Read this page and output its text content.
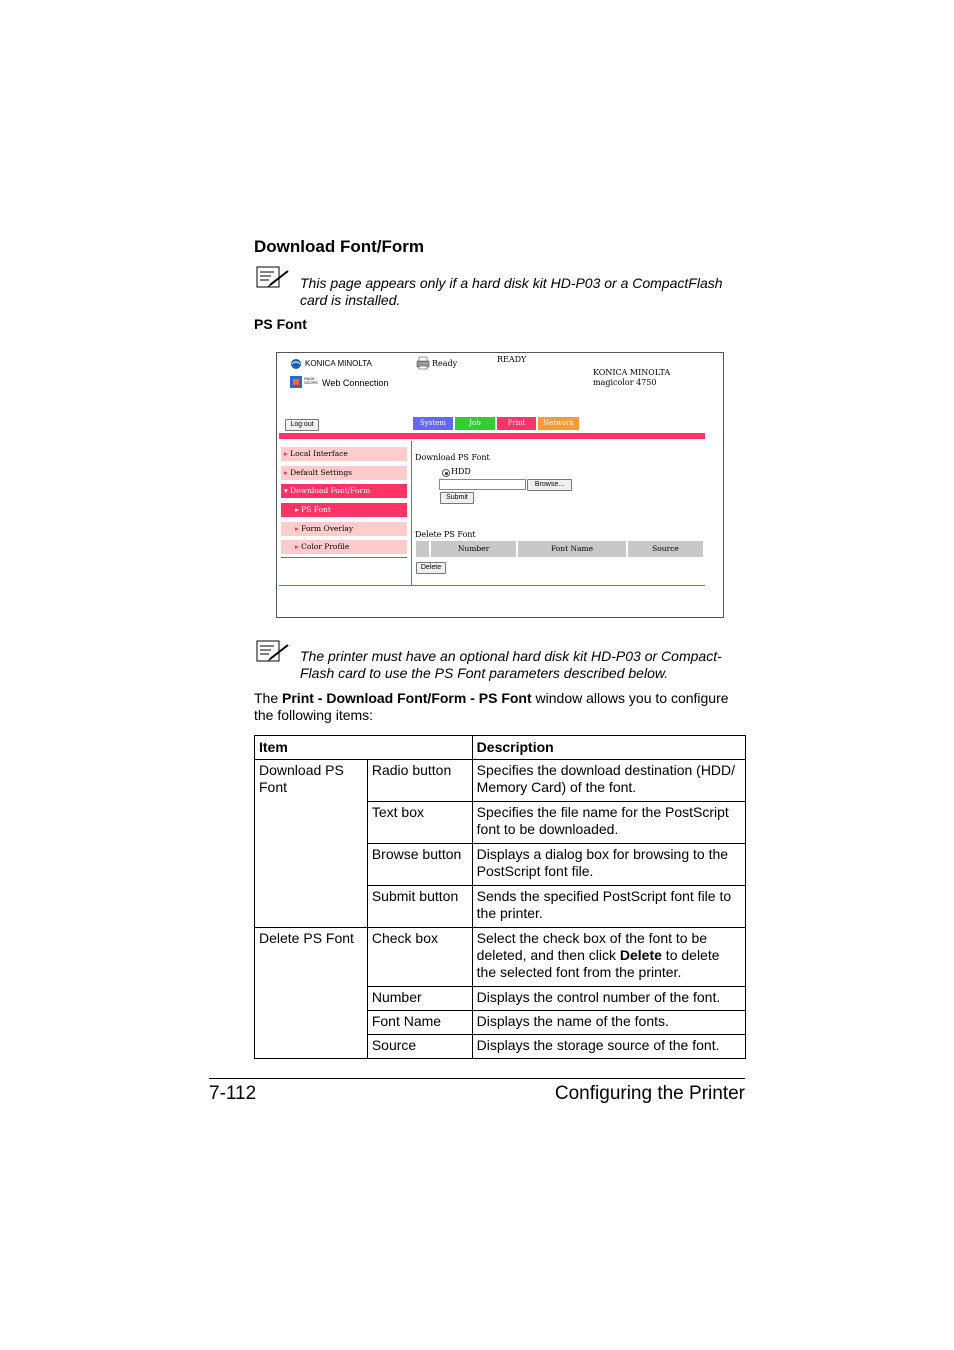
Download Font/Form
This page appears only if a hard disk kit HD-P03 or a CompactFlash card is installed.
PS Font
KONICA MINOLTA
PAGE SCOPE Web Connection
Ready	READY
KONICA MINOLTA
magicolor 4750
Log out	System	Job	Print	Network
▸ Local Interface
▸ Default Settings
▾ Download Font/Form
▸ PS Font
▸ Form Overlay
▸ Color Profile
Download PS Font
HDD
Browse...
Submit
Delete PS Font
Number	Font Name	Source
Delete
The printer must have an optional hard disk kit HD-P03 or Compact-Flash card to use the PS Font parameters described below.
The Print - Download Font/Form - PS Font window allows you to configure the following items:
Item		Description
Download PS Font	Radio button	Specifies the download destination (HDD/ Memory Card) of the font.
	Text box	Specifies the file name for the PostScript font to be downloaded.
	Browse button	Displays a dialog box for browsing to the PostScript font file.
	Submit button	Sends the specified PostScript font file to the printer.
Delete PS Font	Check box	Select the check box of the font to be deleted, and then click Delete to delete the selected font from the printer.
	Number	Displays the control number of the font.
	Font Name	Displays the name of the fonts.
	Source	Displays the storage source of the font.
7-112	Configuring the Printer
